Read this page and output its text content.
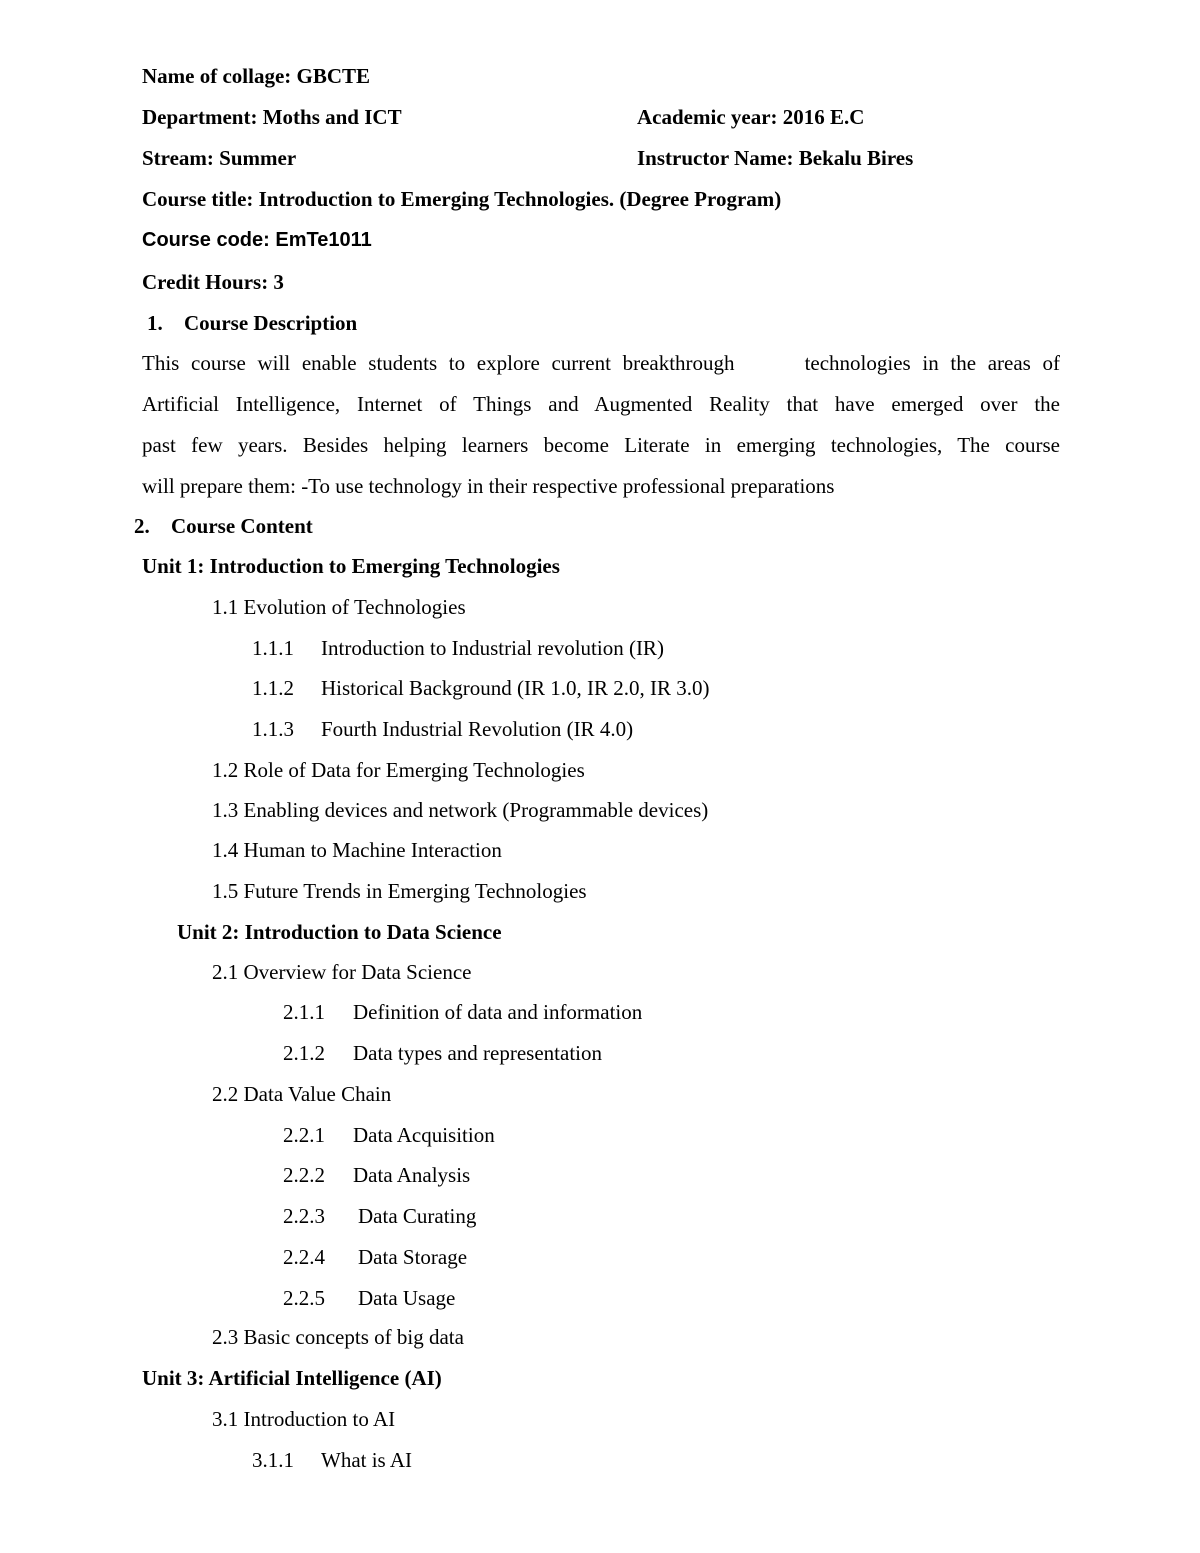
Name of collage: GBCTE
Department: Moths and ICT	Academic year: 2016 E.C
Stream: Summer	Instructor Name: Bekalu Bires
Course title: Introduction to Emerging Technologies. (Degree Program)
Course code: EmTe1011
Credit Hours: 3
1. Course Description
This course will enable students to explore current breakthrough      technologies in the areas of
Artificial Intelligence, Internet of Things and Augmented Reality that have emerged over the
past few years. Besides helping learners become Literate in emerging technologies, The course
will prepare them: -To use technology in their respective professional preparations
2. Course Content
Unit 1: Introduction to Emerging Technologies
1.1 Evolution of Technologies
1.1.1 Introduction to Industrial revolution (IR)
1.1.2 Historical Background (IR 1.0, IR 2.0, IR 3.0)
1.1.3 Fourth Industrial Revolution (IR 4.0)
1.2 Role of Data for Emerging Technologies
1.3 Enabling devices and network (Programmable devices)
1.4 Human to Machine Interaction
1.5 Future Trends in Emerging Technologies
Unit 2: Introduction to Data Science
2.1 Overview for Data Science
2.1.1 Definition of data and information
2.1.2 Data types and representation
2.2 Data Value Chain
2.2.1 Data Acquisition
2.2.2 Data Analysis
2.2.3 Data Curating
2.2.4 Data Storage
2.2.5 Data Usage
2.3 Basic concepts of big data
Unit 3: Artificial Intelligence (AI)
3.1 Introduction to AI
3.1.1 What is AI
